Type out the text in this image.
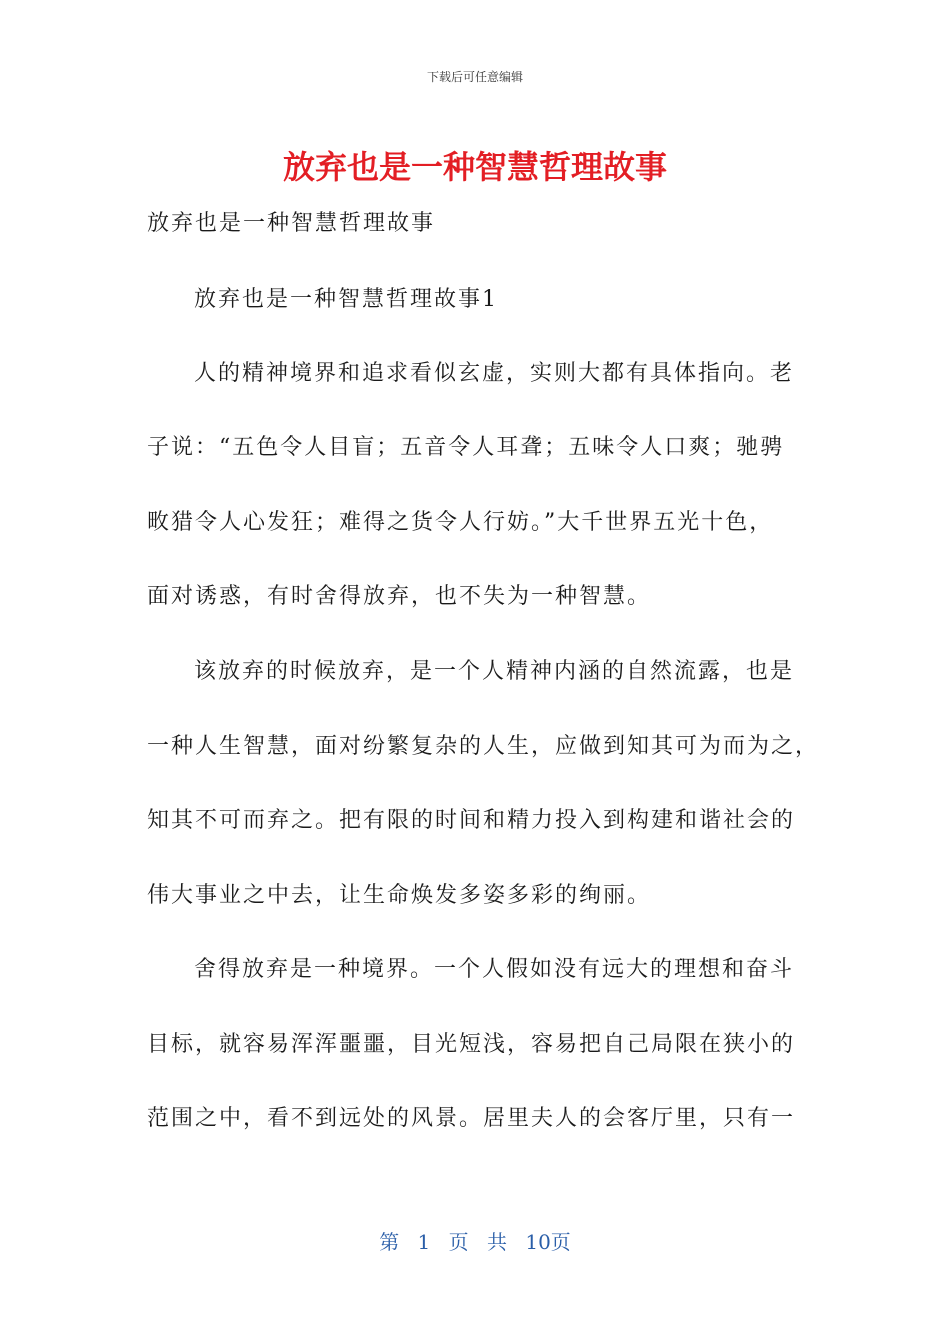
下载后可任意编辑
放弃也是一种智慧哲理故事
放弃也是一种智慧哲理故事
放弃也是一种智慧哲理故事1
人的精神境界和追求看似玄虚，实则大都有具体指向。老
子说：“五色令人目盲；五音令人耳聋；五味令人口爽；驰骋
畋猎令人心发狂；难得之货令人行妨。”大千世界五光十色，
面对诱惑，有时舍得放弃，也不失为一种智慧。
该放弃的时候放弃，是一个人精神内涵的自然流露，也是
一种人生智慧，面对纷繁复杂的人生，应做到知其可为而为之，
知其不可而弃之。把有限的时间和精力投入到构建和谐社会的
伟大事业之中去，让生命焕发多姿多彩的绚丽。
舍得放弃是一种境界。一个人假如没有远大的理想和奋斗
目标，就容易浑浑噩噩，目光短浅，容易把自己局限在狭小的
范围之中，看不到远处的风景。居里夫人的会客厅里，只有一
第 1 页 共 10页
